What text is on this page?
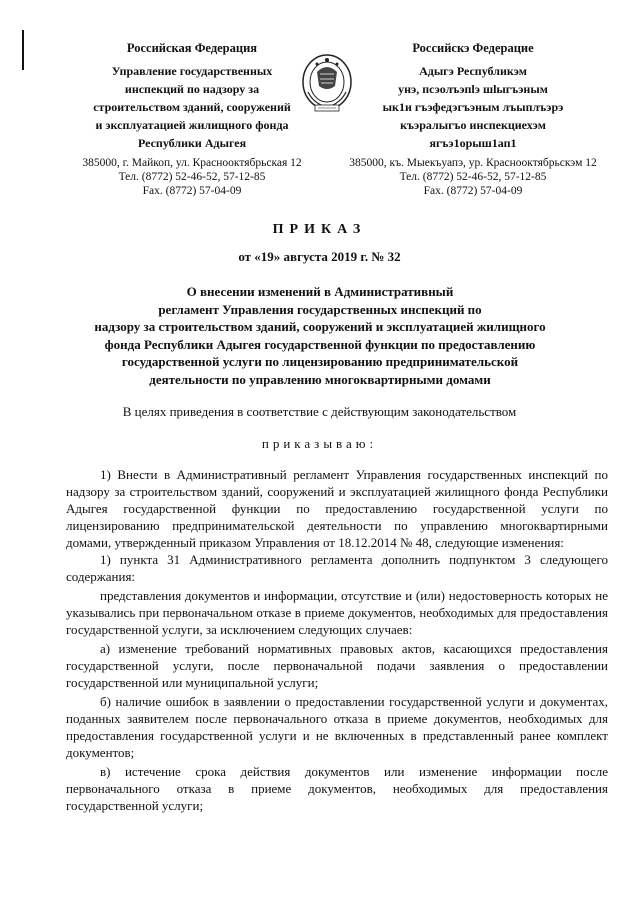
Российская Федерация
Управление государственных
инспекций по надзору за
строительством зданий, сооружений
и эксплуатацией жилищного фонда
Республики Адыгея
385000, г. Майкоп, ул. Краснооктябрьская 12
Тел. (8772) 52-46-52, 57-12-85
Fax. (8772) 57-04-09
Российскэ Федерацие
Адыгэ Республикэм
унэ, псэолъэпlэ шlыгъэным
ык1и гъэфедэгъэным лъыплъэрэ
къэралыгъо инспекциехэм
ягъэ1орыш1ап1
385000, къ. Мыекъуапэ, ур. Краснооктябрьскэм 12
Тел. (8772) 52-46-52, 57-12-85
Fax. (8772) 57-04-09
ПРИКАЗ
от «19» августа 2019 г. № 32
О внесении изменений в Административный
регламент Управления государственных инспекций по
надзору за строительством зданий, сооружений и эксплуатацией жилищного
фонда Республики Адыгея государственной функции по предоставлению
государственной услуги по лицензированию предпринимательской
деятельности по управлению многоквартирными домами
В целях приведения в соответствие с действующим законодательством
приказываю:

1) Внести в Административный регламент Управления государственных инспекций по надзору за строительством зданий, сооружений и эксплуатацией жилищного фонда Республики Адыгея государственной функции по предоставлению государственной услуги по лицензированию предпринимательской деятельности по управлению многоквартирными домами, утвержденный приказом Управления от 18.12.2014 № 48, следующие изменения:

1) пункта 31 Административного регламента дополнить подпунктом 3 следующего содержания:

представления документов и информации, отсутствие и (или) недостоверность которых не указывались при первоначальном отказе в приеме документов, необходимых для предоставления государственной услуги, за исключением следующих случаев:

а) изменение требований нормативных правовых актов, касающихся предоставления государственной услуги, после первоначальной подачи заявления о предоставлении государственной или муниципальной услуги;

б) наличие ошибок в заявлении о предоставлении государственной услуги и документах, поданных заявителем после первоначального отказа в приеме документов, необходимых для предоставления государственной услуги и не включенных в представленный ранее комплект документов;

в) истечение срока действия документов или изменение информации после первоначального отказа в приеме документов, необходимых для предоставления государственной услуги;
